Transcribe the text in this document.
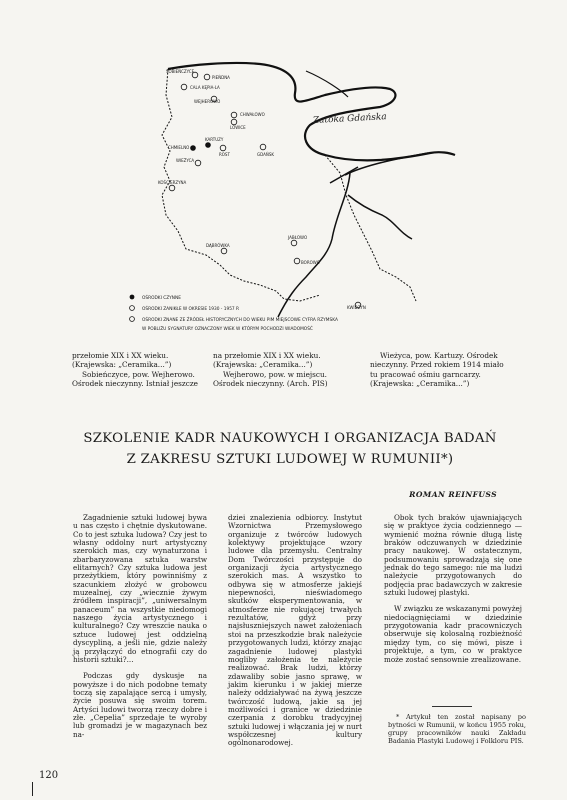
SOBIEŃCZYCE
PIEŃDNA
CALA KĘPIA-LA
WEJHEROWO
CHWAŁOWO
LOWICE
KARTUZY
CHMIELNO
ROST
WIEŻYCA
GDAŃSK
KOŚCIERZYNA
DĄBRÓWKA
JABŁOWO
BOROWO
KWIDZYN
Zatoka Gdańska
OŚRODKI CZYNNE
OŚRODKI ZANIKŁE W OKRESIE 1930 - 1957 R
OŚRODKI ZNANE ZE ŹRÓDEŁ HISTORYCZNYCH DO WIEKU PIM MIEJSCOWE CYFRA RZYMSKA
W POBLIŻU SYGNATURY OZNACZONY WIEK W KTÓRYM POCHODZI WIADOMOŚĆ

przełomie XIX i XX wieku. (Krajewska: „Ceramika...”)

Sobieńczyce, pow. Wejherowo. Ośrodek nieczynny. Istniał jeszcze

na przełomie XIX i XX wieku. (Krajewska: „Ceramika...”)

Wejherowo, pow. w miejscu. Ośrodek nieczynny. (Arch. PIS)

Wieżyca, pow. Kartuzy. Ośrodek nieczynny. Przed rokiem 1914 miało tu pracować ośmiu garncarzy. (Krajewska: „Ceramika...”)

SZKOLENIE KADR NAUKOWYCH I ORGANIZACJA BADAŃ
Z ZAKRESU SZTUKI LUDOWEJ W RUMUNII*)
ROMAN REINFUSS

Zagadnienie sztuki ludowej bywa u nas często i chętnie dyskutowane. Co to jest sztuka ludowa? Czy jest to własny oddolny nurt artystyczny szerokich mas, czy wynaturzona i zbarbaryzowana sztuka warstw elitarnych? Czy sztuka ludowa jest przeżytkiem, który powinniśmy z szacunkiem złożyć w grobowcu muzealnej, czy „wiecznie żywym źródłem inspiracji”, „uniwersalnym panaceum” na wszystkie niedomogi naszego życia artystycznego i kulturalnego? Czy wreszcie nauka o sztuce ludowej jest oddzielną dyscypliną, a jeśli nie, gdzie należy ją przyłączyć do etnografii czy do historii sztuki?...

Podczas gdy dyskusje na powyższe i do nich podobne tematy toczą się zapalające sercą i umysły, życie posuwa się swoim torem. Artyści ludowi tworzą rzeczy dobre i złe. „Cepelia” sprzedaje te wyroby lub gromadzi je w magazynach bez na-

dziei znalezienia odbiorcy. Instytut Wzornictwa Przemysłowego organizuje z twórców ludowych kolektywy projektujące wzory ludowe dla przemysłu. Centralny Dom Twórczości przystępuje do organizacji życia artystycznego szerokich mas. A wszystko to odbywa się w atmosferze jakiejś niepewności, nieświadomego skutków eksperymentowania, w atmosferze nie rokującej trwałych rezultatów, gdyż przy najsłuszniejszych nawet założeniach stoi na przeszkodzie brak należycie przygotowanych ludzi, którzy znając zagadnienie ludowej plastyki mogliby założenia te należycie realizować. Brak ludzi, którzy zdawaliby sobie jasno sprawę, w jakim kierunku i w jakiej mierze należy oddziaływać na żywą jeszcze twórczość ludową, jakie są jej możliwości i granice w dziedzinie czerpania z dorobku tradycyjnej sztuki ludowej i włączania jej w nurt współczesnej kultury ogólnonarodowej.

Obok tych braków ujawniających się w praktyce życia codziennego — wymienić można równie długą listę braków odczuwanych w dziedzinie pracy naukowej. W ostatecznym, podsumowaniu sprowadzają się one jednak do tego samego: nie ma ludzi należycie przygotowanych do podjęcia prac badawczych w zakresie sztuki ludowej plastyki.

W związku ze wskazanymi powyżej niedociągnięciami w dziedzinie przygotowania kadr pracowniczych obserwuje się kolosalną rozbieżność między tym, co się mówi, pisze i projektuje, a tym, co w praktyce może zostać sensownie zrealizowane.

* Artykuł ten został napisany po bytności w Rumunii, w końcu 1955 roku, grupy pracowników nauki Zakładu Badania Plastyki Ludowej i Folkloru PIS.

120
